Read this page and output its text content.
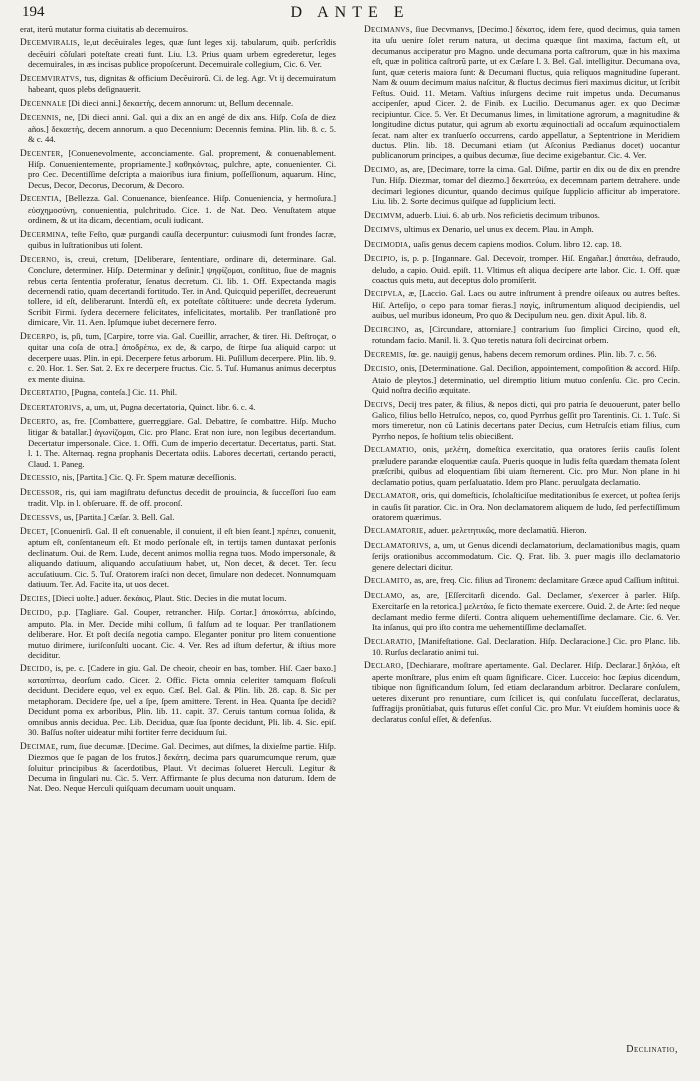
194	D ANTE E

erat, iterũ mutatur forma ciuitatis ab decemuiros.

Decemviralis, le,ut decẽuirales leges, quæ ſunt leges xij. tabularum, quib. perſcrĩdis decẽuiri cõſulari poteſtate creati funt. Liu. l.3. Prius quam urbem egrederetur, leges decemuirales, in æs incisas publice propoſcerunt. Decemuirale collegium, Cic. 6. Ver.

Decemviratvs, tus, dignitas & officium Decẽuirorũ. Ci. de leg. Agr. Vt ij decemuiratum habeant, quos plebs deſignauerit.

Decennale [Di dieci anni.] δεκαετὴς, decem annorum: ut, Bellum decennale.

Decennis, ne, [Di dieci anni. Gal. qui a dix an en angé de dix ans. Hiſp. Coſa de diez años.] δεκαετὴς, decem annorum. a quo Decennium: Decennis femina. Plin. lib. 8. c. 5. & c. 44.

Decenter, [Conuenevolmente, acconciamente. Gal. proprement, & conuenablement. Hiſp. Conuenientemente, propriamente.] καθηκόντως, pulchre, apte, conuenienter. Ci. pro Cec. Decentiſſime deſcripta a maioribus iura finium, poſſeſſionum, aquarum. Hinc, Decus, Decor, Decorus, Decorum, & Decoro.

Decentia, [Bellezza. Gal. Conuenance, bienſeance. Hiſp. Conueniencia, y hermoſura.] εὐσχημοσύνη, conuenientia, pulchritudo. Cice. 1. de Nat. Deo. Venuſtatem atque ordinem, & ut ita dicam, decentiam, oculi iudicant.

Decermina, teſte Feſto, quæ purgandi cauſſa decerpuntur: cuiusmodi ſunt frondes ſacræ, quibus in luſtrationibus uti ſolent.

Decerno, is, creui, cretum, [Deliberare, ſententiare, ordinare di, determinare. Gal. Conclure, determiner. Hiſp. Determinar y deſinir.] ψηφίζομαι, conſtituo, ſiue de magnis rebus certa ſententia proferatur, ſenatus decretum. Ci. lib. 1. Off. Expectanda magis decernendi ratio, quam decertandi fortitudo. Ter. in And. Quicquid peperiſſet, decreuerunt tollere, id eſt, deliberarunt. Interdũ eſt, ex poteſtate cõſtituere: unde decreta ſyderum. Scribit Firmi. ſydera decernere felicitates, infelicitates, mortalib. Per tranſlationẽ pro dimicare, Vir. 11. Aen. Ipſumque iubet decernere ferro.

Decerpo, is, pſi, tum, [Carpire, torre via. Gal. Cueillir, arracher, & tirer. Hi. Deſtroçar, o quitar una coſa de otra.] ἀποδρέπω, ex de, & carpo, de ſtirpe ſua aliquid carpo: ut decerpere uuas. Plin. in epi. Decerpere fetus arborum. Hi. Puſillum decerpere. Plin. lib. 9. c. 20. Hor. 1. Ser. Sat. 2. Ex re decerpere fructus. Cic. 5. Tuſ. Humanus animus decerptus ex mente diuina.

Decertatio, [Pugna, conteſa.] Cic. 11. Phil.

Decertatorivs, a, um, ut, Pugna decertatoria, Quinct. libr. 6. c. 4.

Decerto, as, fre. [Combattere, guerreggiare. Gal. Debattre, ſe combattre. Hiſp. Mucho litigar & batallar.] ἀγωνίζομαι, Cic. pro Planc. Erat non iure, non legibus decertandum. Decertatur impersonale. Cice. 1. Offi. Cum de imperio decertatur. Decertatus, parti. Stat. l. 1. The. Alternaq. regna prophanis Decertata odiis. Labores decertati, certando peracti, Claud. 1. Paneg.

Decessio, nis, [Partita.] Cic. Q. Fr. Spem maturæ deceſſionis.

Decessor, ris, qui iam magiſtratu defunctus decedit de prouincia, & ſucceſſori ſuo eam tradit. Vlp. in l. obſeruare. ff. de off. proconſ.

Decessvs, us, [Partita.] Cæſar. 3. Bell. Gal.

Decet, [Conuenirſi. Gal. Il eſt conuenable, il conuient, il eſt bien ſeant.] πρέπει, conuenit, aptum eſt, conſentaneum eſt. Et modo perſonale eſt, in tertijs tamen duntaxat perſonis declinatum. Oui. de Rem. Lude, decent animos mollia regna tuos. Modo impersonale, & aliquando datiuum, aliquando accuſatiuum habet, ut, Non decet, & decet. Ter. ſecu accuſatiuum. Cic. 5. Tuſ. Oratorem iraſci non decet, ſimulare non dedecet. Nonnumquam datiuum. Ter. Ad. Facite ita, ut uos decet.

Decies, [Dieci uolte.] aduer. δεκάκις, Plaut. Stic. Decies in die mutat locum.

Decido, p.p. [Tagliare. Gal. Couper, retrancher. Hiſp. Cortar.] ἀποκόπτω, abſcindo, amputo. Pla. in Mer. Decide mihi collum, ſi falſum ad te loquar. Per tranſlationem deliberare. Hor. Et poſt deciſa negotia campo. Eleganter ponitur pro litem conuentione mutuo dirimere, iuriſconſulti uocant. Cic. 4. Ver. Res ad iſtum defertur, & iſtius more deciditur.

Decido, is, pe. c. [Cadere in giu. Gal. De cheoir, cheoir en bas, tomber. Hiſ. Caer baxo.] καταπίπτω, deorſum cado. Cicer. 2. Offic. Ficta omnia celeriter tamquam floſculi decidunt. Decidere equo, vel ex equo. Cæſ. Bel. Gal. & Plin. lib. 28. cap. 8. Sic per metaphoram. Decidere ſpe, uel a ſpe, ſpem amittere. Terent. in Hea. Quanta ſpe decidi? Decidunt poma ex arboribus, Plin. lib. 11. capit. 37. Ceruis tantum cornua ſolida, & omnibus annis decidua. Pec. Lib. Decidua, quæ ſua ſponte decidunt, Pli. lib. 4. Sic. epiſ. 30. Baſſus noſter uideatur mihi fortiter ferre deciduum ſui.

Decimae, rum, ſiue decumæ. [Decime. Gal. Decimes, aut diſmes, la dixieſme partie. Hiſp. Diezmos que ſe pagan de los frutos.] δεκάτη, decima pars quarumcumque rerum, quæ ſoluitur principibus & ſacerdotibus, Plaut. Vt decimas ſolueret Herculi. Legitur & Decuma in ſingulari nu. Cic. 5. Verr. Affirmante ſe plus decuma non daturum. Idem de Nat. Deo. Neque Herculi quiſquam decumam uouit unquam.

Decimanvs, ſiue Decvmanvs, [Decimo.] δέκατος, idem fere, quod decimus, quia tamen ita uſu uenire ſolet rerum natura, ut decima quæque ſint maxima, factum eſt, ut decumanus acciperatur pro Magno. unde decumana porta caſtrorum, quæ in his maxima eſt, quæ in politica caſtrorũ parte, ut ex Cæſare l. 3. Bel. Gal. intelligitur. Decumana ova, ſunt, quæ ceteris maiora ſunt: & Decumani fluctus, quia reliquos magnitudine ſuperant. Nam & ouum decimum maius naſcitur, & fluctus decimus fieri maximus dicitur, ut ſcribit Feſtus. Ouid. 11. Metam. Vaſtius inſurgens decime ruit impetus unda. Decumanus accipenſer, apud Cicer. 2. de Finib. ex Lucilio. Decumanus ager. ex quo Decimæ recipiuntur. Cice. 5. Ver. Et Decumanus limes, in limitatione agrorum, a magnitudine & longitudine dictus putatur, qui agrum ab exortu æquinoctiali ad occaſum æquinoctialem ſecat. nam alter ex tranſuerſo occurrens, cardo appellatur, a Septentrione in Meridiem ductus. Plin. lib. 18. Decumani etiam (ut Aſconius Pædianus docet) uocantur publicanorum principes, a quibus decumæ, ſiue decime exigebantur. Cic. 4. Ver.

Decimo, as, are, [Decimare, torre la cima. Gal. Diſme, partir en dix ou de dix en prendre l'un. Hiſp. Diezmar, tomar del diezmo.] δεκατεύω, ex decemnam partem detrahere. unde decimari legiones dicuntur, quando decimus quiſque ſupplicio afficitur ab imperatore. Liu. lib. 2. Sorte decimus quiſque ad ſupplicium lecti.

Decimvm, aduerb. Liui. 6. ab urb. Nos reficietis decimum tribunos.

Decimvs, ultimus ex Denario, uel unus ex decem. Plau. in Amph.

Decimodia, uaſis genus decem capiens modios. Colum. libro 12. cap. 18.

Decipio, is, p. p. [Ingannare. Gal. Decevoir, tromper. Hiſ. Engañar.] ἀπατάω, defraudo, deludo, a capio. Ouid. epiſt. 11. Vltimus eſt aliqua decipere arte labor. Cic. 1. Off. quæ coactus quis metu, aut deceptus dolo promiſerit.

Decipvla, æ, [Laccio. Gal. Lacs ou autre inſtrument à prendre oiſeaux ou autres beſtes. Hiſ. Arteſijo, o cepo para tomar fieras.] παγίς, inſtrumentum aliquod decipiendis, uel auibus, uel muribus idoneum, Pro quo & Decipulum neu. gen. dixit Apul. lib. 8.

Decircino, as, [Circundare, attorniare.] contrarium ſuo ſimplici Circino, quod eſt, rotundam facio. Manil. li. 3. Quo teretis natura ſoli decircinat orbem.

Decremis, ſœ. ge. nauigij genus, habens decem remorum ordines. Plin. lib. 7. c. 56.

Decisio, onis, [Determinatione. Gal. Deciſion, appointement, compoſition & accord. Hiſp. Ataio de pleytos.] determinatio, uel diremptio litium mutuo conſenſu. Cic. pro Cecin. Quid noſtra deciſio æquitate.

Decivs, Decij tres pater, & filius, & nepos dicti, qui pro patria ſe deuouerunt, pater bello Galico, filius bello Hetruſco, nepos, co, quod Pyrrhus geſſit pro Tarentinis. Ci. 1. Tuſc. Si mors timeretur, non cũ Latinis decertans pater Decius, cum Hetruſcis etiam filius, cum Pyrrho nepos, ſe hoſtium telis obiecißent.

Declamatio, onis, μελέτη, domeſtica exercitatio, qua oratores ſeriis cauſis ſolent præludere parandæ eloquentiæ cauſa. Pueris quoque in ludis feſta quædam themata ſolent præſcribi, quibus ad eloquentiam ſibi uiam ſternerent. Cic. pro Mur. Non plane in hi declamatio potius, quam perſaluatatio. Idem pro Planc. peruulgata declamatio.

Declamator, oris, qui domeſticis, ſcholaſticiſue meditationibus ſe exercet, ut poſtea ſerijs in cauſis ſit paratior. Cic. in Ora. Non declamatorem aliquem de ludo, ſed perfectiſſimum oratorem quærimus.

Declamatorie, aduer. μελετητικῶς, more declamatiũ. Hieron.

Declamatorivs, a, um, ut Genus dicendi declamatorium, declamationibus magis, quam ſerijs orationibus accommodatum. Cic. Q. Frat. lib. 3. puer magis illo declamatorio genere delectari dicitur.

Declamito, as, are, freq. Cic. filius ad Tironem: declamitare Græce apud Caſſium inſtitui.

Declamo, as, are, [Eſſercitarſi dicendo. Gal. Declamer, s'exercer à parler. Hiſp. Exercitarſe en la retorica.] μελετάω, ſe ficto themate exercere. Ouid. 2. de Arte: ſed neque declamant medio ferme diſerti. Contra aliquem uehementiſſime declamare. Cic. 6. Ver. Ita inſanus, qui pro iſto contra me uehementiſſime declamaſſet.

Declaratio, [Manifeſtatione. Gal. Declaration. Hiſp. Declaracione.] Cic. pro Planc. lib. 10. Rurſus declaratio animi tui.

Declaro, [Dechiarare, moſtrare apertamente. Gal. Declarer. Hiſp. Declarar.] δηλόω, eſt aperte monſtrare, plus enim eſt quam ſignificare. Cicer. Lucceio: hoc ſæpius dicendum, tibique non ſignificandum ſolum, ſed etiam declarandum arbitror. Declarare conſulem, ueteres dixerunt pro renuntiare, cum ſcilicet is, qui conſulatu ſucceſſerat, declaratus, ſuffragijs pronũtiabat, quis futurus eſſet conſul Cic. pro Mur. Vt eiuſdem hominis uoce & declaratus conſul eſſet, & defenſus.

Declinatio,
